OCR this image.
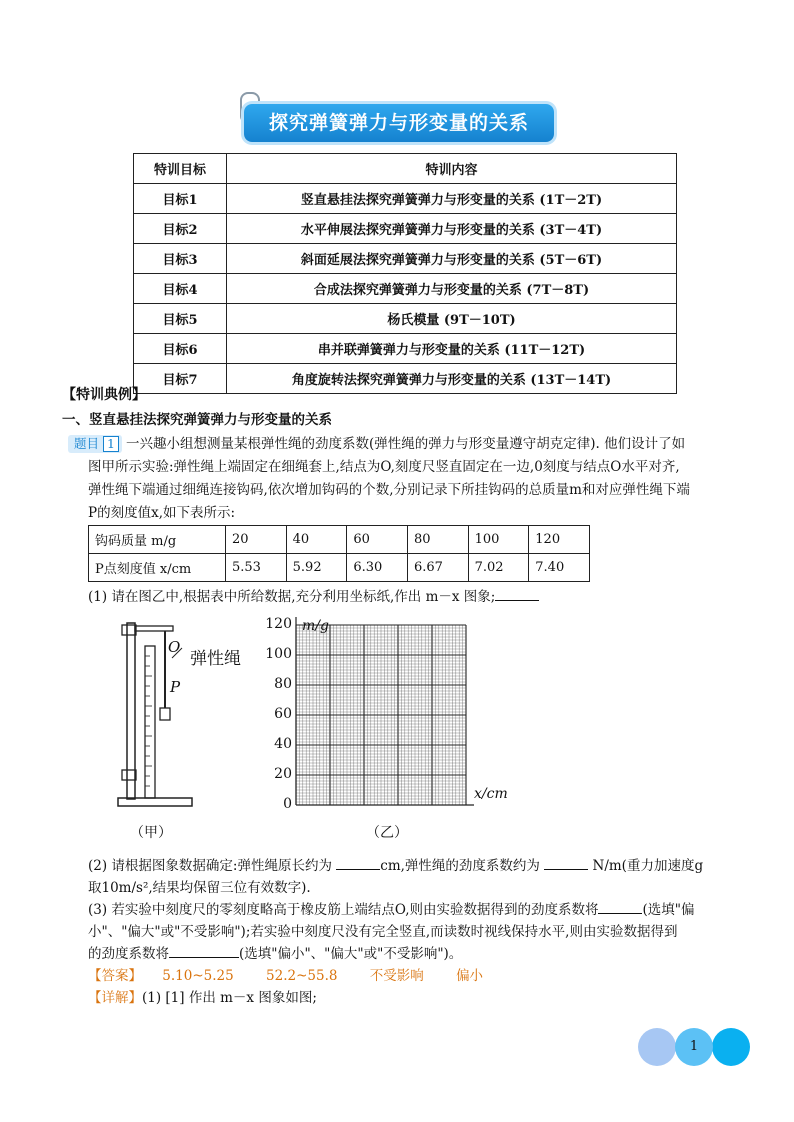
探究弹簧弹力与形变量的关系
特训目标	特训内容
目标1	竖直悬挂法探究弹簧弹力与形变量的关系 (1T－2T)
目标2	水平伸展法探究弹簧弹力与形变量的关系 (3T－4T)
目标3	斜面延展法探究弹簧弹力与形变量的关系 (5T－6T)
目标4	合成法探究弹簧弹力与形变量的关系 (7T－8T)
目标5	杨氏模量 (9T－10T)
目标6	串并联弹簧弹力与形变量的关系 (11T－12T)
目标7	角度旋转法探究弹簧弹力与形变量的关系 (13T－14T)
【特训典例】
一、竖直悬挂法探究弹簧弹力与形变量的关系
题目 1 一兴趣小组想测量某根弹性绳的劲度系数(弹性绳的弹力与形变量遵守胡克定律). 他们设计了如
图甲所示实验:弹性绳上端固定在细绳套上,结点为O,刻度尺竖直固定在一边,0刻度与结点O水平对齐,
弹性绳下端通过细绳连接钩码,依次增加钩码的个数,分别记录下所挂钩码的总质量m和对应弹性绳下端
P的刻度值x,如下表所示:
钩码质量 m/g	20	40	60	80	100	120
P点刻度值 x/cm	5.53	5.92	6.30	6.67	7.02	7.40
(1) 请在图乙中,根据表中所给数据,充分利用坐标纸,作出 m－x 图象;
O
弹性绳
P
（甲）
m/g
x/cm
120
100
80
60
40
20
0
（乙）
(2) 请根据图象数据确定:弹性绳原长约为	cm,弹性绳的劲度系数约为	N/m(重力加速度g
取10m/s²,结果均保留三位有效数字).
(3) 若实验中刻度尺的零刻度略高于橡皮筋上端结点O,则由实验数据得到的劲度系数将	(选填"偏
小"、"偏大"或"不受影响");若实验中刻度尺没有完全竖直,而读数时视线保持水平,则由实验数据得到
的劲度系数将	(选填"偏小"、"偏大"或"不受影响")。
【答案】 5.10~5.25 52.2~55.8 不受影响 偏小
【详解】(1) [1] 作出 m－x 图象如图;
1
